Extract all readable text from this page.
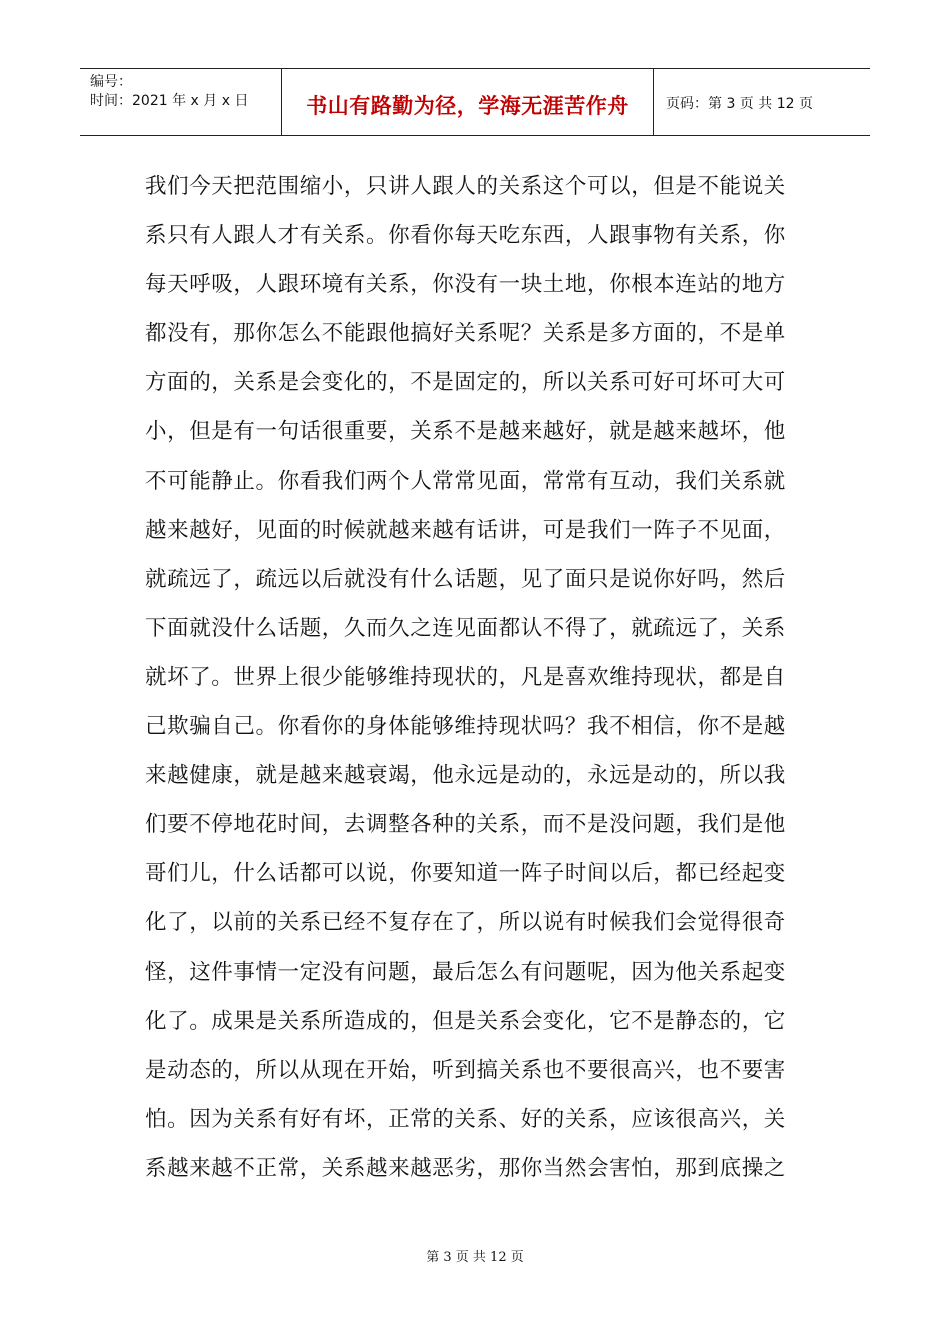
编号：
时间：2021 年 x 月 x 日	书山有路勤为径，学海无涯苦作舟	页码：第 3 页 共 12 页
我们今天把范围缩小，只讲人跟人的关系这个可以，但是不能说关
系只有人跟人才有关系。你看你每天吃东西，人跟事物有关系，你
每天呼吸，人跟环境有关系，你没有一块土地，你根本连站的地方
都没有，那你怎么不能跟他搞好关系呢？关系是多方面的，不是单
方面的，关系是会变化的，不是固定的，所以关系可好可坏可大可
小，但是有一句话很重要，关系不是越来越好，就是越来越坏，他
不可能静止。你看我们两个人常常见面，常常有互动，我们关系就
越来越好，见面的时候就越来越有话讲，可是我们一阵子不见面，
就疏远了，疏远以后就没有什么话题，见了面只是说你好吗，然后
下面就没什么话题，久而久之连见面都认不得了，就疏远了，关系
就坏了。世界上很少能够维持现状的，凡是喜欢维持现状，都是自
己欺骗自己。你看你的身体能够维持现状吗？我不相信，你不是越
来越健康，就是越来越衰竭，他永远是动的，永远是动的，所以我
们要不停地花时间，去调整各种的关系，而不是没问题，我们是他
哥们儿，什么话都可以说，你要知道一阵子时间以后，都已经起变
化了，以前的关系已经不复存在了，所以说有时候我们会觉得很奇
怪，这件事情一定没有问题，最后怎么有问题呢，因为他关系起变
化了。成果是关系所造成的，但是关系会变化，它不是静态的，它
是动态的，所以从现在开始，听到搞关系也不要很高兴，也不要害
怕。因为关系有好有坏，正常的关系、好的关系，应该很高兴，关
系越来越不正常，关系越来越恶劣，那你当然会害怕，那到底操之
第 3 页 共 12 页
